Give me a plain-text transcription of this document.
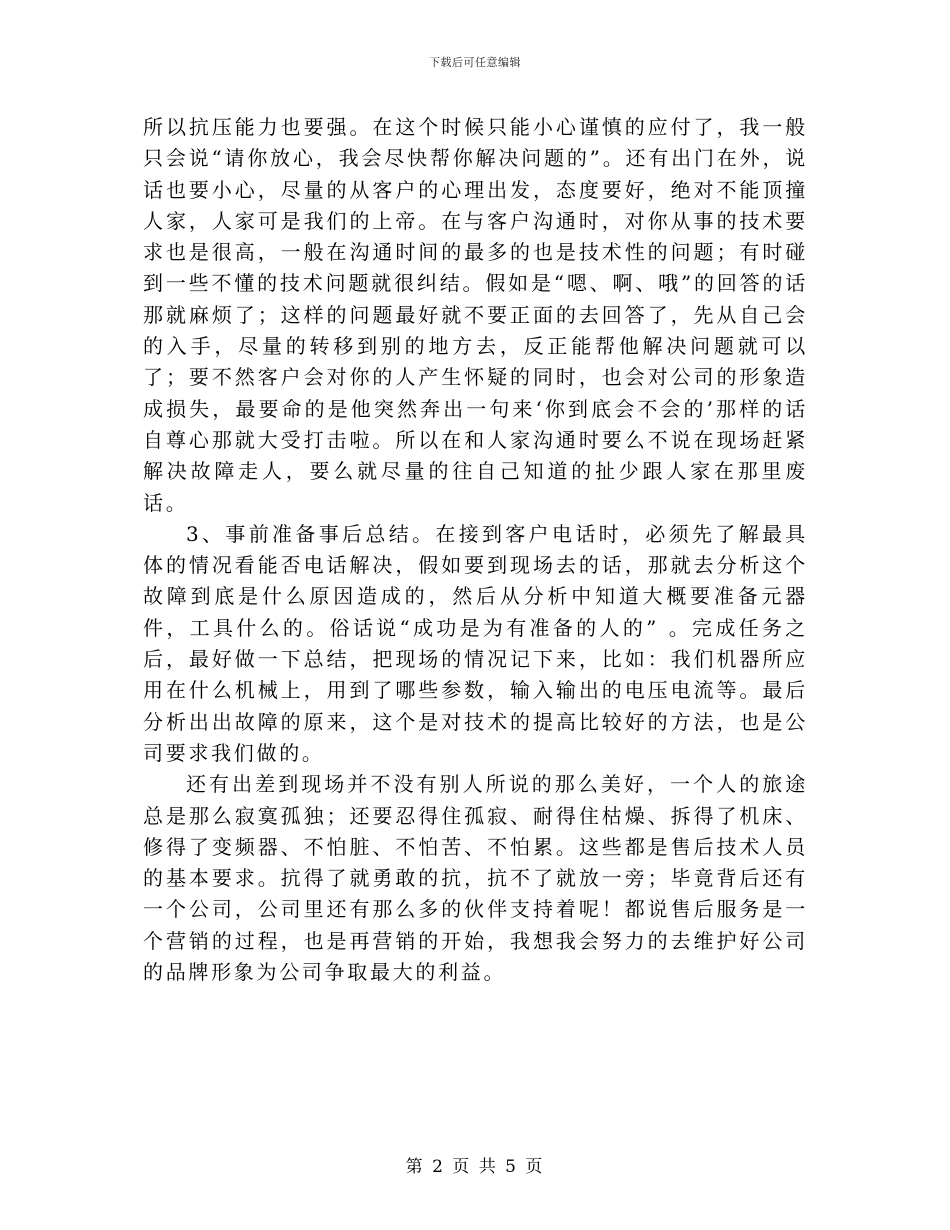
下载后可任意编辑

所以抗压能力也要强。在这个时候只能小心谨慎的应付了，我一般只会说“请你放心，我会尽快帮你解决问题的”。还有出门在外，说话也要小心，尽量的从客户的心理出发，态度要好，绝对不能顶撞人家，人家可是我们的上帝。在与客户沟通时，对你从事的技术要求也是很高，一般在沟通时间的最多的也是技术性的问题；有时碰到一些不懂的技术问题就很纠结。假如是“嗯、啊、哦”的回答的话那就麻烦了；这样的问题最好就不要正面的去回答了，先从自己会的入手，尽量的转移到别的地方去，反正能帮他解决问题就可以了；要不然客户会对你的人产生怀疑的同时，也会对公司的形象造成损失，最要命的是他突然奔出一句来‘你到底会不会的’那样的话自尊心那就大受打击啦。所以在和人家沟通时要么不说在现场赶紧解决故障走人，要么就尽量的往自己知道的扯少跟人家在那里废话。

3、事前准备事后总结。在接到客户电话时，必须先了解最具体的情况看能否电话解决，假如要到现场去的话，那就去分析这个故障到底是什么原因造成的，然后从分析中知道大概要准备元器件，工具什么的。俗话说“成功是为有准备的人的” 。完成任务之后，最好做一下总结，把现场的情况记下来，比如：我们机器所应用在什么机械上，用到了哪些参数，输入输出的电压电流等。最后分析出出故障的原来，这个是对技术的提高比较好的方法，也是公司要求我们做的。

还有出差到现场并不没有别人所说的那么美好，一个人的旅途总是那么寂寞孤独；还要忍得住孤寂、耐得住枯燥、拆得了机床、修得了变频器、不怕脏、不怕苦、不怕累。这些都是售后技术人员的基本要求。抗得了就勇敢的抗，抗不了就放一旁；毕竟背后还有一个公司，公司里还有那么多的伙伴支持着呢！都说售后服务是一个营销的过程，也是再营销的开始，我想我会努力的去维护好公司的品牌形象为公司争取最大的利益。

第 2 页 共 5 页
